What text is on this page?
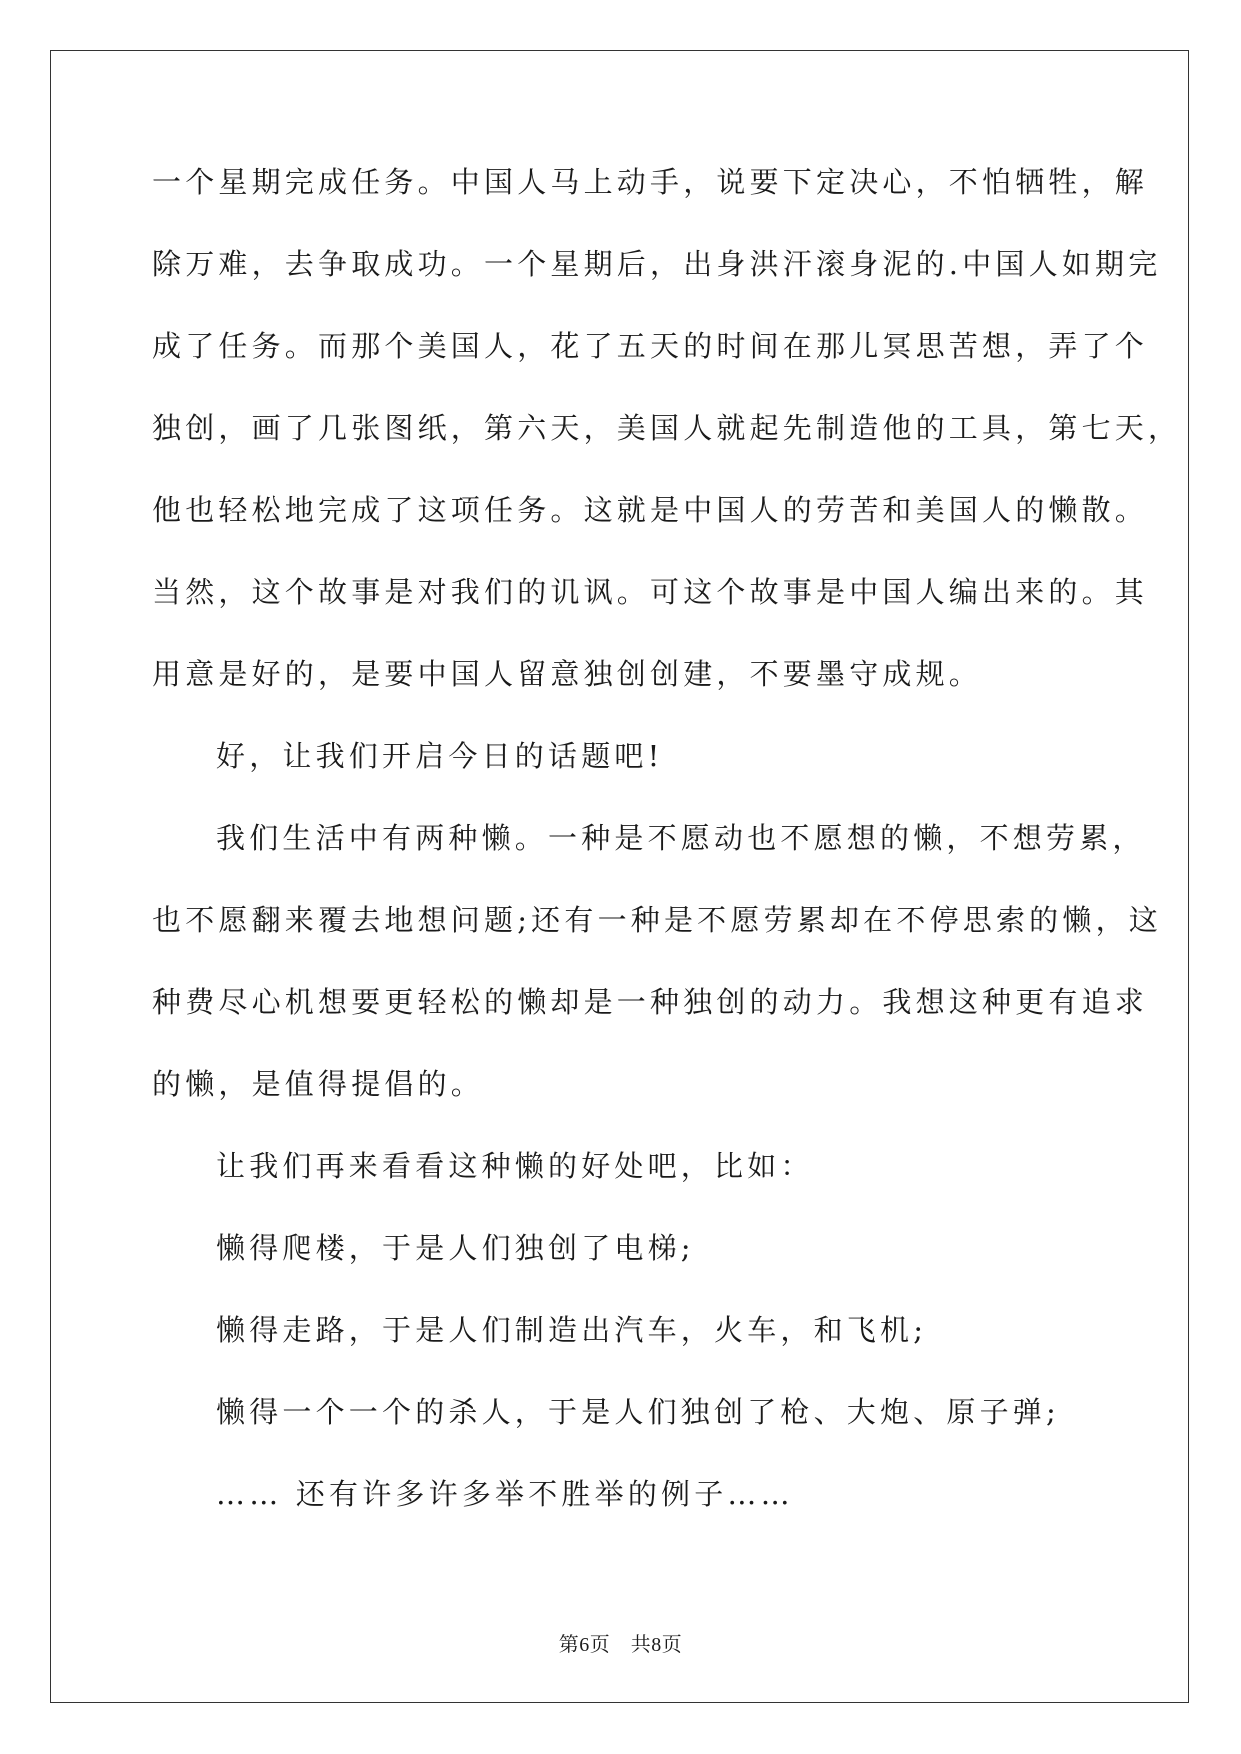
一个星期完成任务。中国人马上动手，说要下定决心，不怕牺牲，解
除万难，去争取成功。一个星期后，出身洪汗滚身泥的.中国人如期完
成了任务。而那个美国人，花了五天的时间在那儿冥思苦想，弄了个
独创，画了几张图纸，第六天，美国人就起先制造他的工具，第七天，
他也轻松地完成了这项任务。这就是中国人的劳苦和美国人的懒散。
当然，这个故事是对我们的讥讽。可这个故事是中国人编出来的。其
用意是好的，是要中国人留意独创创建，不要墨守成规。
好，让我们开启今日的话题吧!
我们生活中有两种懒。一种是不愿动也不愿想的懒，不想劳累，
也不愿翻来覆去地想问题;还有一种是不愿劳累却在不停思索的懒，这
种费尽心机想要更轻松的懒却是一种独创的动力。我想这种更有追求
的懒，是值得提倡的。
让我们再来看看这种懒的好处吧，比如：
懒得爬楼，于是人们独创了电梯;
懒得走路，于是人们制造出汽车，火车，和飞机;
懒得一个一个的杀人，于是人们独创了枪、大炮、原子弹;
…… 还有许多许多举不胜举的例子……
第6页 共8页
